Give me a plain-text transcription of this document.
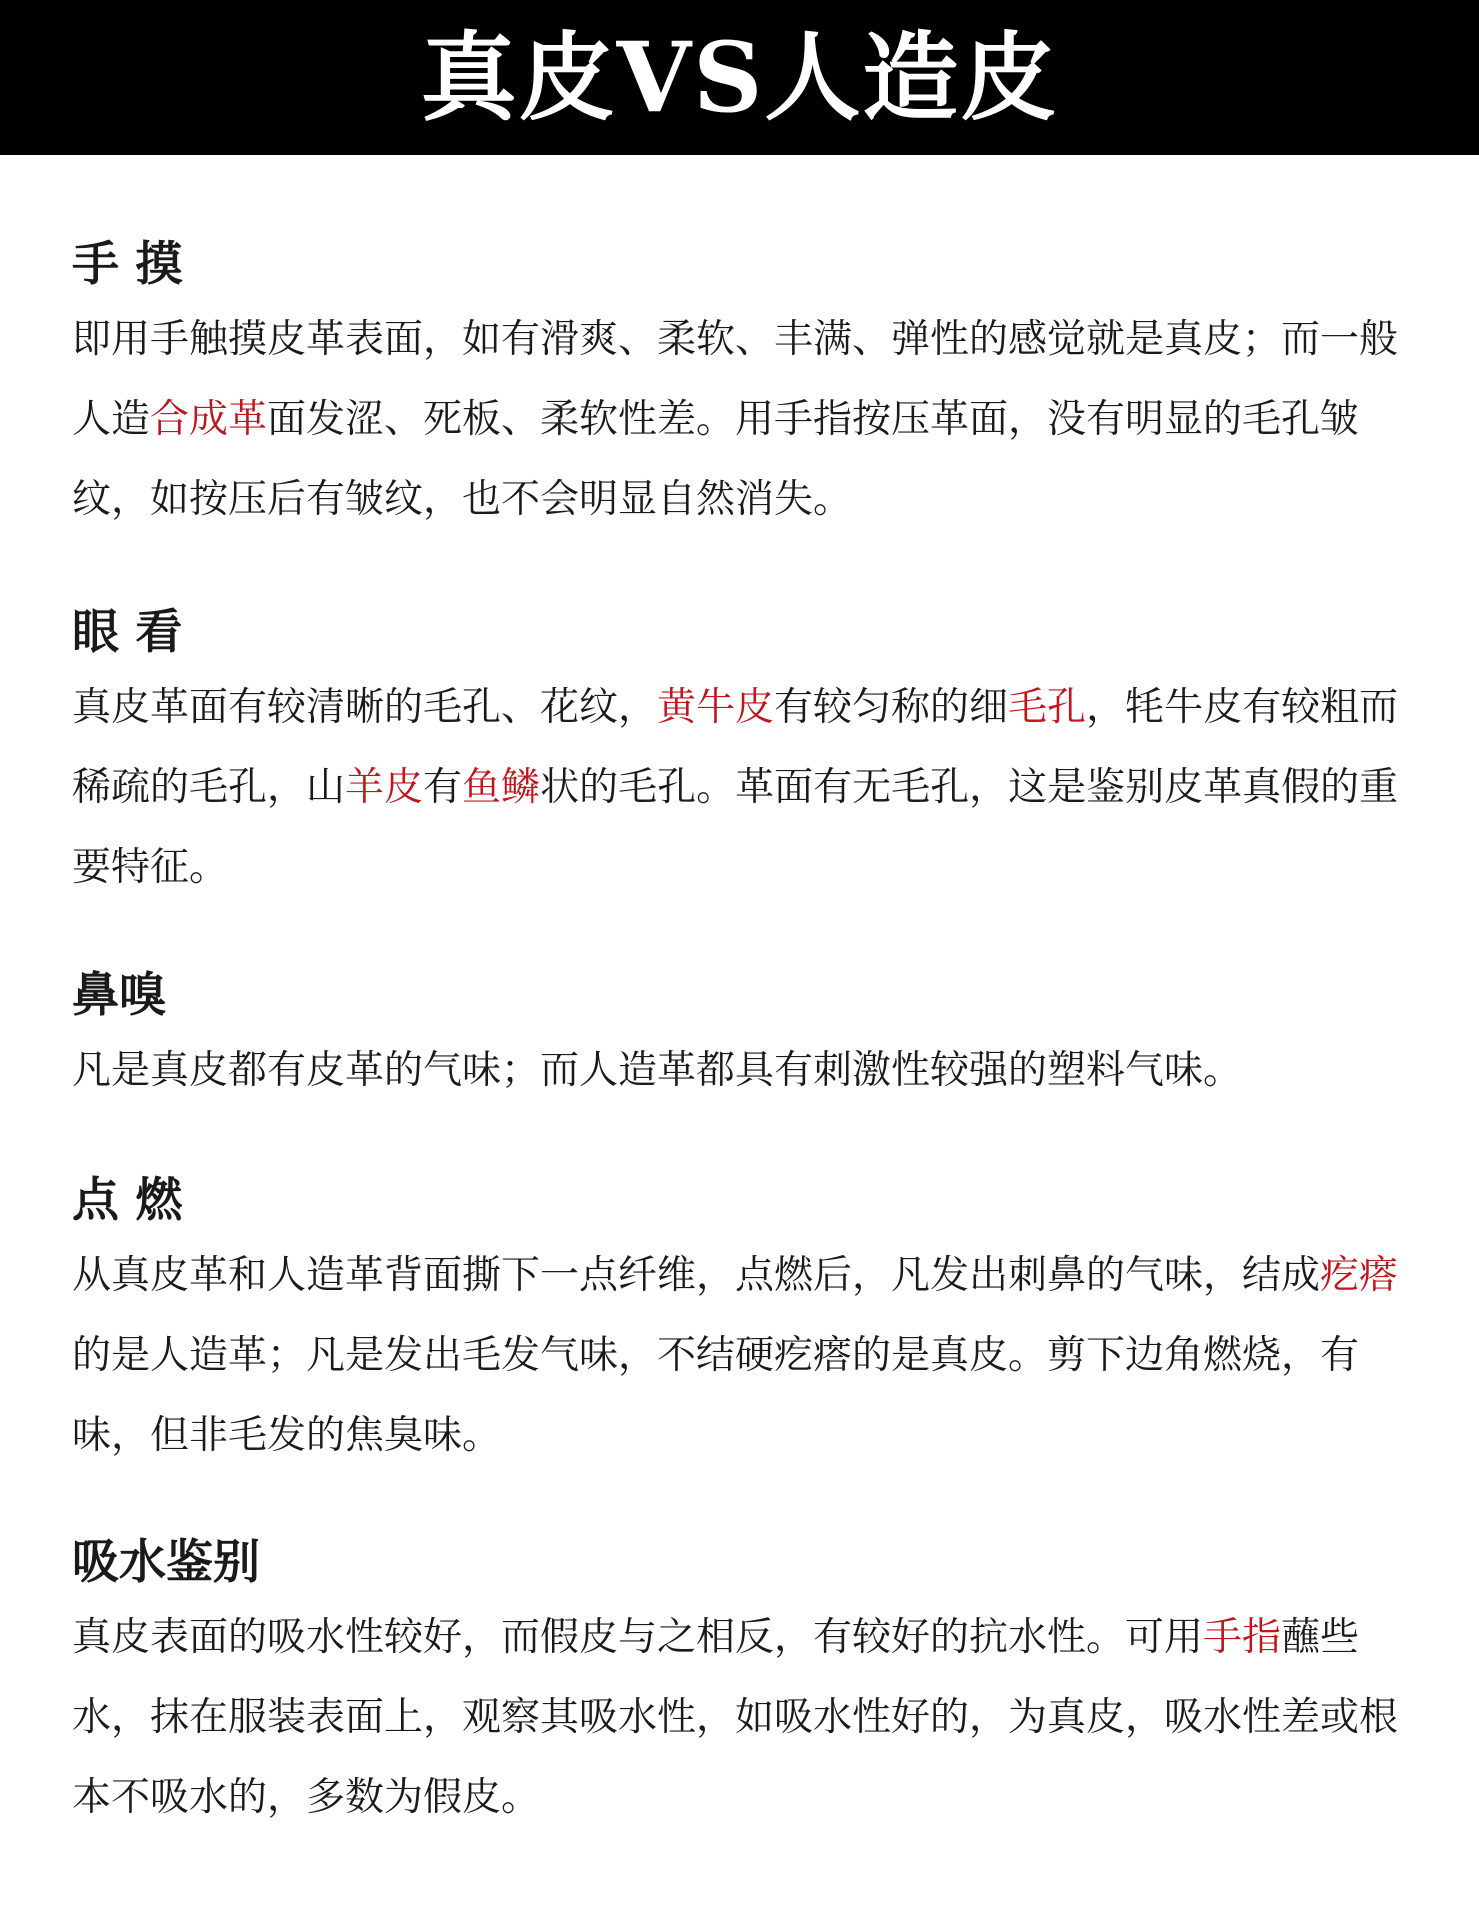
真皮VS人造皮
手 摸

即用手触摸皮革表面，如有滑爽、柔软、丰满、弹性的感觉就是真皮；而一般人造合成革面发涩、死板、柔软性差。用手指按压革面，没有明显的毛孔皱纹，如按压后有皱纹，也不会明显自然消失。

眼 看

真皮革面有较清晰的毛孔、花纹，黄牛皮有较匀称的细毛孔，牦牛皮有较粗而稀疏的毛孔，山羊皮有鱼鳞状的毛孔。革面有无毛孔，这是鉴别皮革真假的重要特征。

鼻嗅

凡是真皮都有皮革的气味；而人造革都具有刺激性较强的塑料气味。

点 燃

从真皮革和人造革背面撕下一点纤维，点燃后，凡发出刺鼻的气味，结成疙瘩的是人造革；凡是发出毛发气味，不结硬疙瘩的是真皮。剪下边角燃烧，有味，但非毛发的焦臭味。

吸水鉴别

真皮表面的吸水性较好，而假皮与之相反，有较好的抗水性。可用手指蘸些水，抹在服装表面上，观察其吸水性，如吸水性好的，为真皮，吸水性差或根本不吸水的，多数为假皮。
